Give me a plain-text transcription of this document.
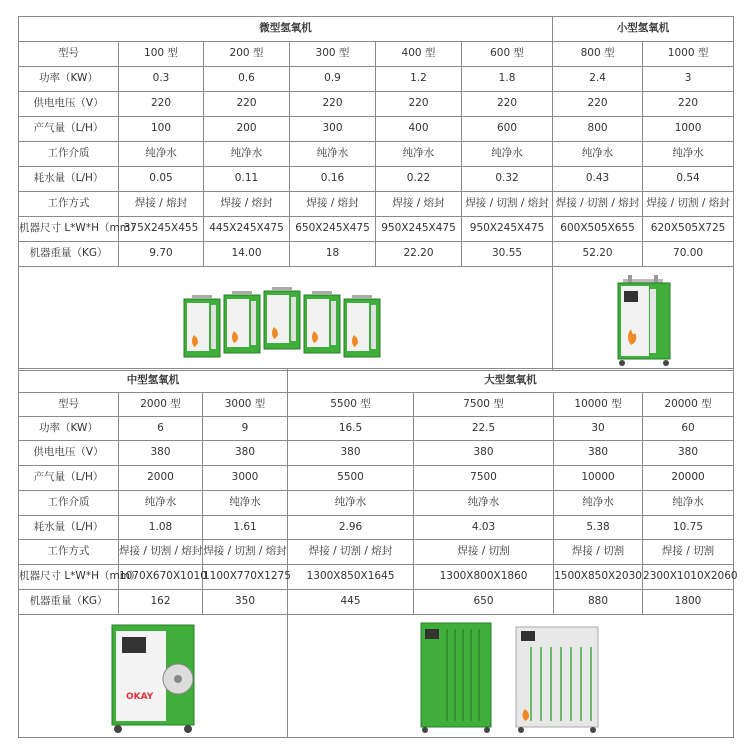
微型氢氧机						小型氢氧机	
型号	100 型	200 型	300 型	400 型	600 型	800 型	1000 型
功率（KW）	0.3	0.6	0.9	1.2	1.8	2.4	3
供电电压（V）	220	220	220	220	220	220	220
产气量（L/H）	100	200	300	400	600	800	1000
工作介质	纯净水	纯净水	纯净水	纯净水	纯净水	纯净水	纯净水
耗水量（L/H）	0.05	0.11	0.16	0.22	0.32	0.43	0.54
工作方式	焊接 / 熔封	焊接 / 熔封	焊接 / 熔封	焊接 / 熔封	焊接 / 切割 / 熔封	焊接 / 切割 / 熔封	焊接 / 切割 / 熔封
机器尺寸 L*W*H（mm）	375X245X455	445X245X475	650X245X475	950X245X475	950X245X475	600X505X655	620X505X725
机器重量（KG）	9.70	14.00	18	22.20	30.55	52.20	70.00

中型氢氧机			大型氢氧机			
型号	2000 型	3000 型	5500 型	7500 型	10000 型	20000 型
功率（KW）	6	9	16.5	22.5	30	60
供电电压（V）	380	380	380	380	380	380
产气量（L/H）	2000	3000	5500	7500	10000	20000
工作介质	纯净水	纯净水	纯净水	纯净水	纯净水	纯净水
耗水量（L/H）	1.08	1.61	2.96	4.03	5.38	10.75
工作方式	焊接 / 切割 / 熔封	焊接 / 切割 / 熔封	焊接 / 切割 / 熔封	焊接 / 切割	焊接 / 切割	焊接 / 切割
机器尺寸 L*W*H（mm）	1070X670X1010	1100X770X1275	1300X850X1645	1300X800X1860	1500X850X2030	2300X1010X2060
机器重量（KG）	162	350	445	650	880	1800

OKAY
